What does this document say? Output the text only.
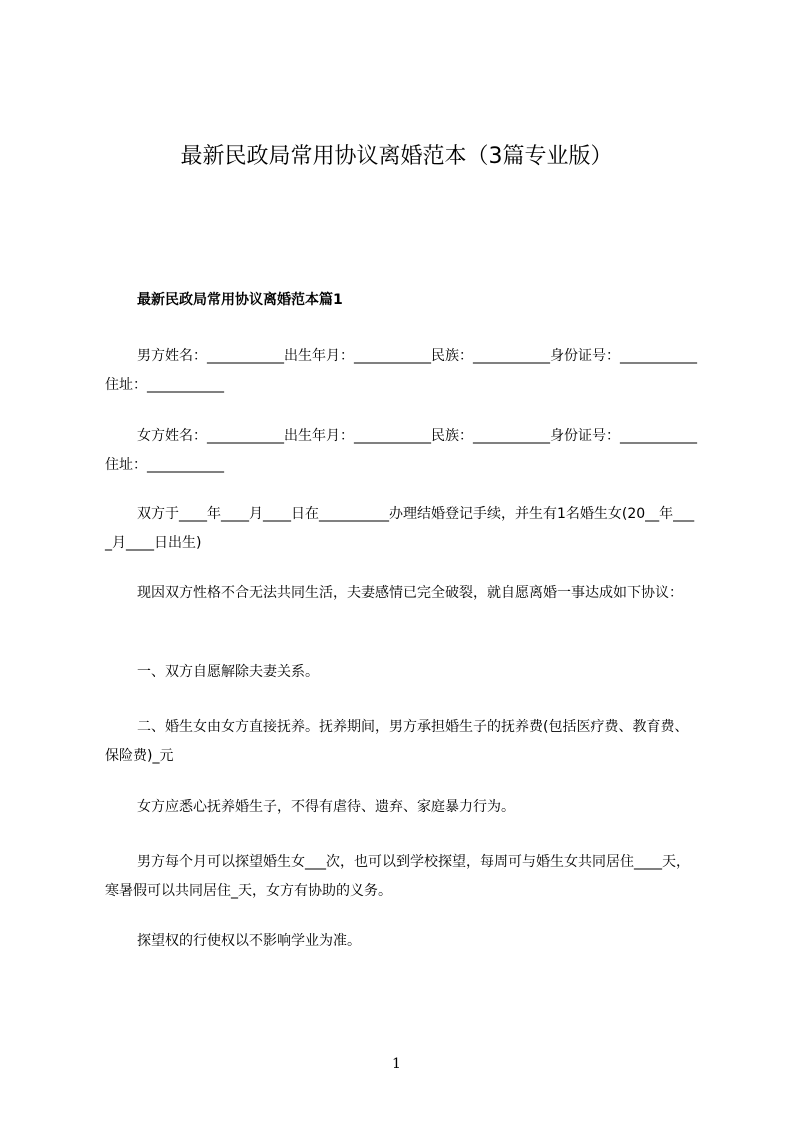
最新民政局常用协议离婚范本（3篇专业版）
最新民政局常用协议离婚范本篇1
男方姓名：___________出生年月：___________民族：___________身份证号：___________住址：___________
女方姓名：___________出生年月：___________民族：___________身份证号：___________住址：___________
双方于____年____月____日在__________办理结婚登记手续，并生有1名婚生女(20__年____月____日出生)
现因双方性格不合无法共同生活，夫妻感情已完全破裂，就自愿离婚一事达成如下协议：
一、双方自愿解除夫妻关系。
二、婚生女由女方直接抚养。抚养期间，男方承担婚生子的抚养费(包括医疗费、教育费、保险费)_元
女方应悉心抚养婚生子，不得有虐待、遗弃、家庭暴力行为。
男方每个月可以探望婚生女___次，也可以到学校探望，每周可与婚生女共同居住____天，寒暑假可以共同居住_天，女方有协助的义务。
探望权的行使权以不影响学业为准。
1
